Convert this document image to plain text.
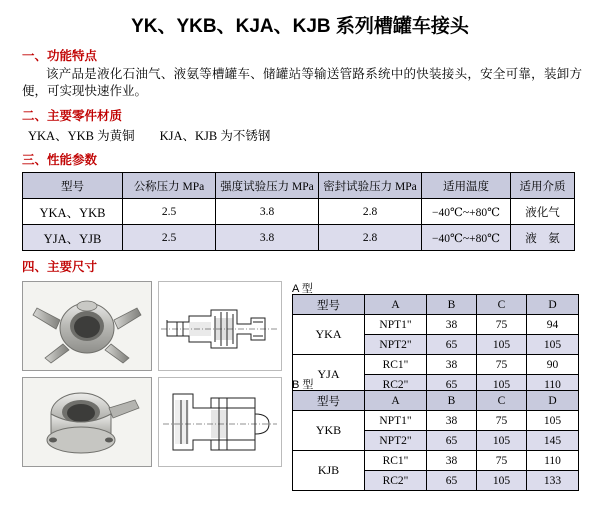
YK、YKB、KJA、KJB 系列槽罐车接头
一、功能特点
该产品是液化石油气、液氨等槽罐车、储罐站等输送管路系统中的快装接头，安全可靠，装卸方便，可实现快速作业。
二、主要零件材质
YKA、YKB 为黄铜　　KJA、KJB 为不锈钢
三、性能参数
型号	公称压力 MPa	强度试验压力 MPa	密封试验压力 MPa	适用温度	适用介质
YKA、YKB	2.5	3.8	2.8	−40℃~+80℃	液化气
YJA、YJB	2.5	3.8	2.8	−40℃~+80℃	液　氨
四、主要尺寸
A 型
型号	A	B	C	D
YKA	NPT1"	38	75	94
	NPT2"	65	105	105
YJA	RC1"	38	75	90
	RC2"	65	105	110
B 型
型号	A	B	C	D
YKB	NPT1"	38	75	105
	NPT2"	65	105	145
KJB	RC1"	38	75	110
	RC2"	65	105	133
